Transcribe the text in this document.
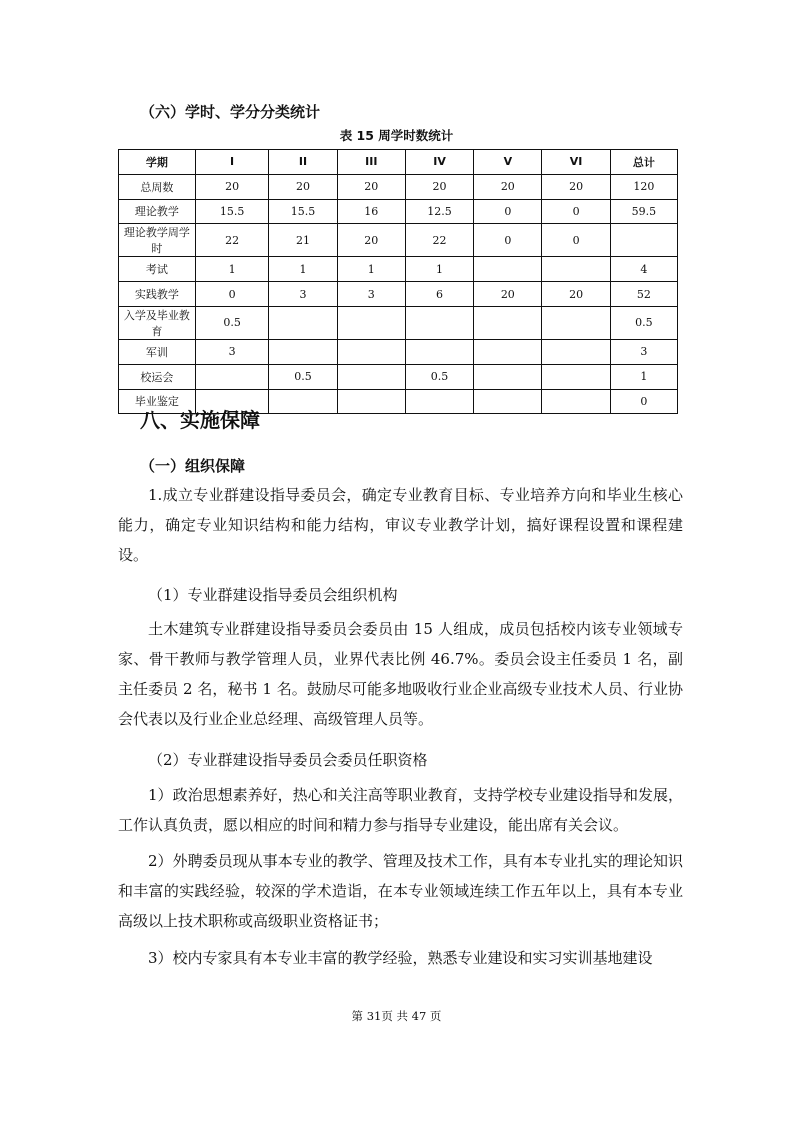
（六）学时、学分分类统计
表 15 周学时数统计
学期	I	II	III	IV	V	VI	总计
总周数	20	20	20	20	20	20	120
理论教学	15.5	15.5	16	12.5	0	0	59.5
理论教学周学时	22	21	20	22	0	0	
考试	1	1	1	1			4
实践教学	0	3	3	6	20	20	52
入学及毕业教育	0.5						0.5
军训	3						3
校运会		0.5		0.5			1
毕业鉴定							0
八、实施保障
（一）组织保障
1.成立专业群建设指导委员会，确定专业教育目标、专业培养方向和毕业生核心能力，确定专业知识结构和能力结构，审议专业教学计划，搞好课程设置和课程建设。
（1）专业群建设指导委员会组织机构
土木建筑专业群建设指导委员会委员由 15 人组成，成员包括校内该专业领域专家、骨干教师与教学管理人员，业界代表比例 46.7%。委员会设主任委员 1 名，副主任委员 2 名，秘书 1 名。鼓励尽可能多地吸收行业企业高级专业技术人员、行业协会代表以及行业企业总经理、高级管理人员等。
（2）专业群建设指导委员会委员任职资格
1）政治思想素养好，热心和关注高等职业教育，支持学校专业建设指导和发展，工作认真负责，愿以相应的时间和精力参与指导专业建设，能出席有关会议。
2）外聘委员现从事本专业的教学、管理及技术工作，具有本专业扎实的理论知识和丰富的实践经验，较深的学术造诣，在本专业领域连续工作五年以上，具有本专业高级以上技术职称或高级职业资格证书；
3）校内专家具有本专业丰富的教学经验，熟悉专业建设和实习实训基地建设
第 31页 共 47 页
